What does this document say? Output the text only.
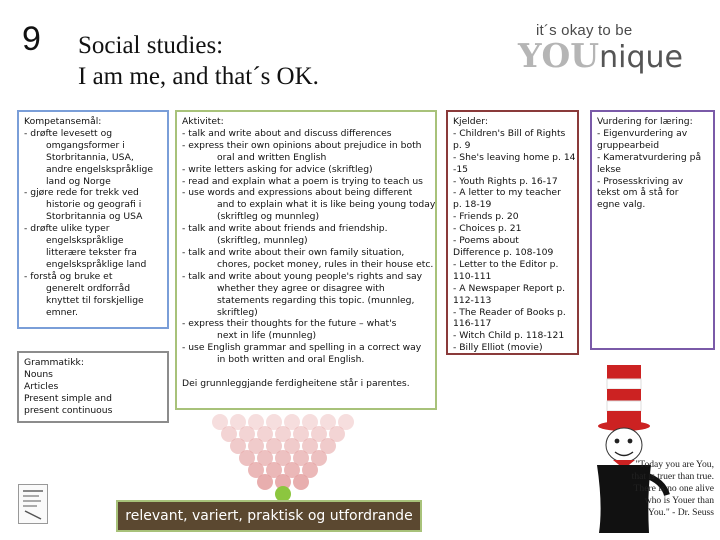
9 Social studies:
I am me, and that´s OK.
it´s okay to be
YOUnique
Kompetansemål:
- drøfte levesett og
omgangsformer i
Storbritannia, USA,
andre engelskspråklige
land og Norge
- gjøre rede for trekk ved
historie og geografi i
Storbritannia og USA
- drøfte ulike typer
engelskspråklige
litterære tekster fra
engelskspråklige land
- forstå og bruke et
generelt ordforråd
knyttet til forskjellige
emner.
Grammatikk:
Nouns
Articles
Present simple and
present continuous
Aktivitet:
- talk and write about and discuss differences
- express their own opinions about prejudice in both
oral and written English
- write letters asking for advice (skriftleg)
- read and explain what a poem is trying to teach us
- use words and expressions about being different
and to explain what it is like being young today
(skriftleg og munnleg)
- talk and write about friends and friendship.
(skriftleg, munnleg)
- talk and write about their own family situation,
chores, pocket money, rules in their house etc.
- talk and write about young people's rights and say
whether they agree or disagree with
statements regarding this topic. (munnleg,
skriftleg)
- express their thoughts for the future – what's
next in life (munnleg)
- use English grammar and spelling in a correct way
in both written and oral English.
Dei grunnleggjande ferdigheitene står i parentes.
Kjelder:
- Children's Bill of Rights
p. 9
- She's leaving home p. 14
-15
- Youth Rights p. 16-17
- A letter to my teacher
p. 18-19
- Friends p. 20
- Choices p. 21
- Poems about
Difference p. 108-109
- Letter to the Editor p.
110-111
- A Newspaper Report p.
112-113
- The Reader of Books p.
116-117
- Witch Child p. 118-121
- Billy Elliot (movie)
Vurdering for læring:
- Eigenvurdering av
gruppearbeid
- Kameratvurdering på
lekse
- Prosesskriving av
tekst om å stå for
egne valg.
"Today you are You,
that is truer than true.
There is no one alive
who is Youer than
You." - Dr. Seuss
relevant, variert, praktisk og utfordrande
